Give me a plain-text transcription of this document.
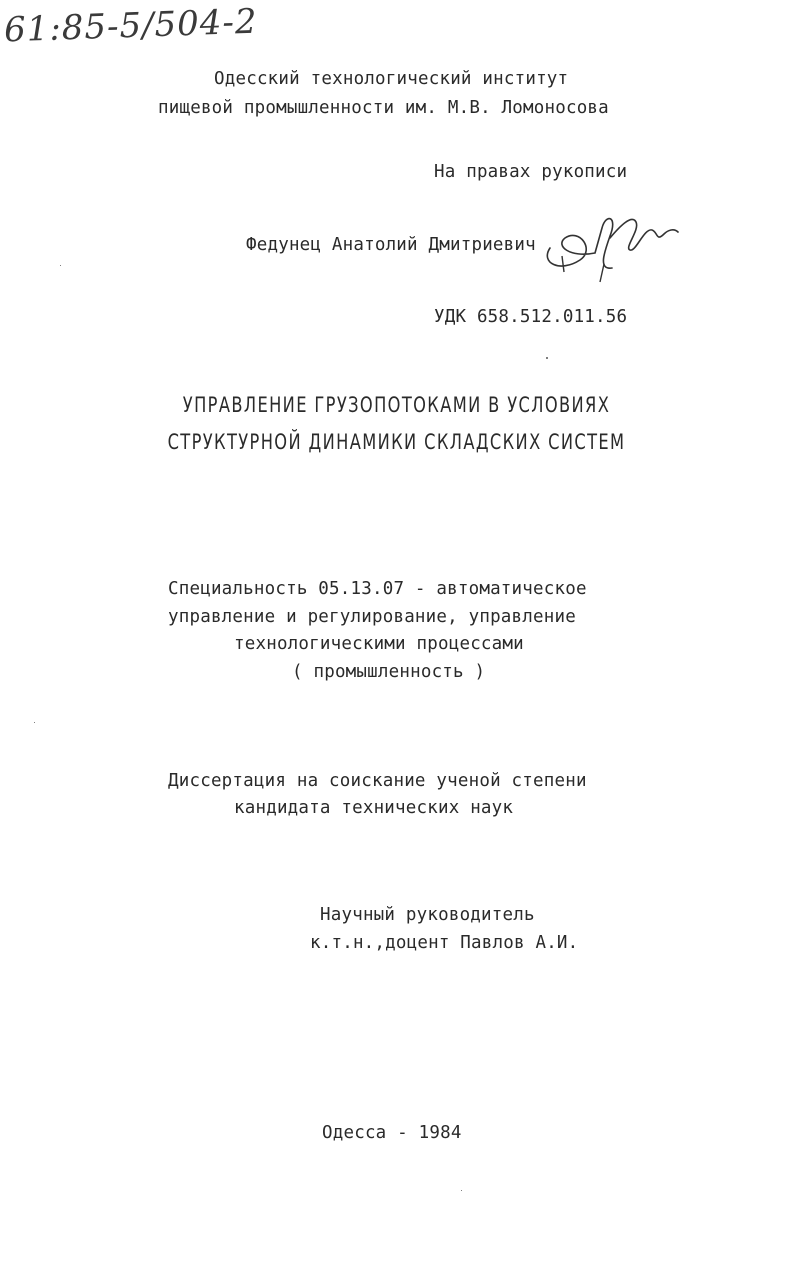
61:85-5/504-2
Одесский технологический институт
пищевой промышленности им. М.В. Ломоносова
На правах рукописи
Федунец Анатолий Дмитриевич
УДК 658.512.011.56
УПРАВЛЕНИЕ ГРУЗОПОТОКАМИ В УСЛОВИЯХ
СТРУКТУРНОЙ ДИНАМИКИ СКЛАДСКИХ СИСТЕМ
Специальность 05.13.07 - автоматическое
управление и регулирование, управление
технологическими процессами
( промышленность )
Диссертация на соискание ученой степени
кандидата технических наук
Научный руководитель
к.т.н.,доцент Павлов А.И.
Одесса - 1984
